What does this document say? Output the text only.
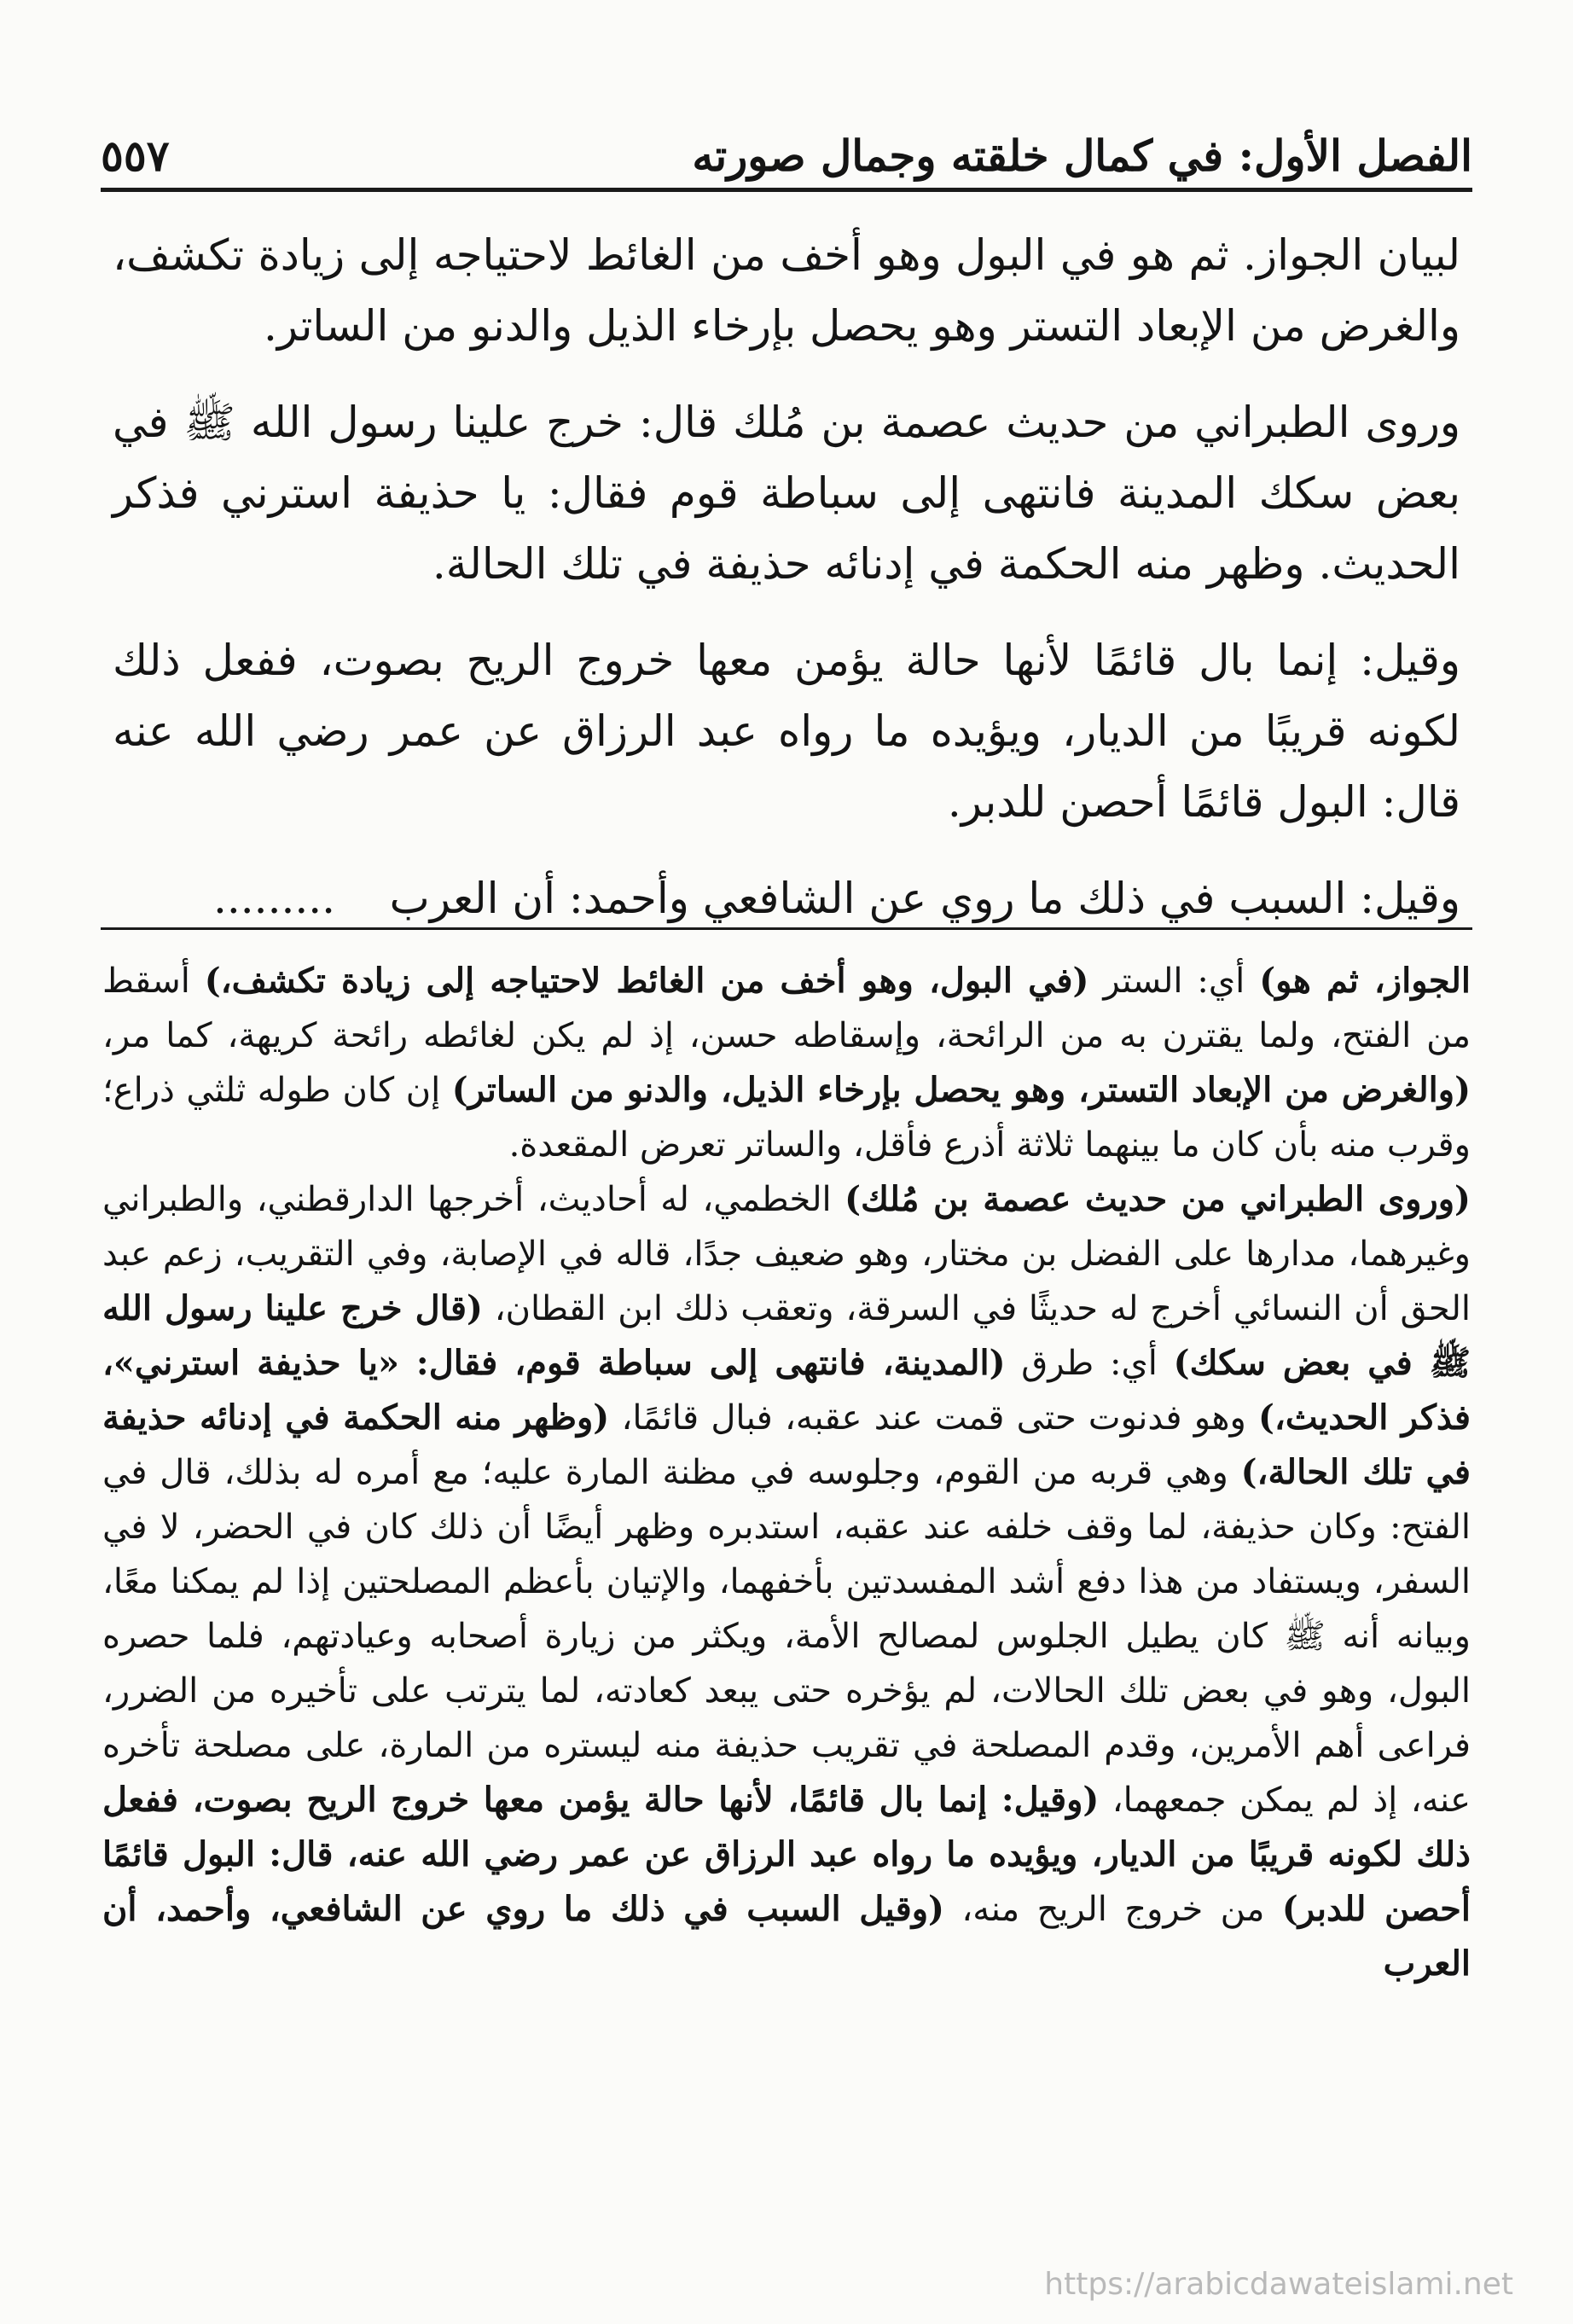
الفصل الأول: في كمال خلقته وجمال صورته
٥٥٧

لبيان الجواز. ثم هو في البول وهو أخف من الغائط لاحتياجه إلى زيادة تكشف، والغرض من الإبعاد التستر وهو يحصل بإرخاء الذيل والدنو من الساتر.

وروى الطبراني من حديث عصمة بن مُلك قال: خرج علينا رسول الله ﷺ في بعض سكك المدينة فانتهى إلى سباطة قوم فقال: يا حذيفة استرني فذكر الحديث. وظهر منه الحكمة في إدنائه حذيفة في تلك الحالة.

وقيل: إنما بال قائمًا لأنها حالة يؤمن معها خروج الريح بصوت، ففعل ذلك لكونه قريبًا من الديار، ويؤيده ما رواه عبد الرزاق عن عمر رضي الله عنه قال: البول قائمًا أحصن للدبر.

وقيل: السبب في ذلك ما روي عن الشافعي وأحمد: أن العرب    .........

الجواز، ثم هو) أي: الستر (في البول، وهو أخف من الغائط لاحتياجه إلى زيادة تكشف،) أسقط من الفتح، ولما يقترن به من الرائحة، وإسقاطه حسن، إذ لم يكن لغائطه رائحة كريهة، كما مر، (والغرض من الإبعاد التستر، وهو يحصل بإرخاء الذيل، والدنو من الساتر) إن كان طوله ثلثي ذراع؛ وقرب منه بأن كان ما بينهما ثلاثة أذرع فأقل، والساتر تعرض المقعدة.

(وروى الطبراني من حديث عصمة بن مُلك) الخطمي، له أحاديث، أخرجها الدارقطني، والطبراني وغيرهما، مدارها على الفضل بن مختار، وهو ضعيف جدًا، قاله في الإصابة، وفي التقريب، زعم عبد الحق أن النسائي أخرج له حديثًا في السرقة، وتعقب ذلك ابن القطان، (قال خرج علينا رسول الله ﷺ في بعض سكك) أي: طرق (المدينة، فانتهى إلى سباطة قوم، فقال: «يا حذيفة استرني»، فذكر الحديث،) وهو فدنوت حتى قمت عند عقبه، فبال قائمًا، (وظهر منه الحكمة في إدنائه حذيفة في تلك الحالة،) وهي قربه من القوم، وجلوسه في مظنة المارة عليه؛ مع أمره له بذلك، قال في الفتح: وكان حذيفة، لما وقف خلفه عند عقبه، استدبره وظهر أيضًا أن ذلك كان في الحضر، لا في السفر، ويستفاد من هذا دفع أشد المفسدتين بأخفهما، والإتيان بأعظم المصلحتين إذا لم يمكنا معًا، وبيانه أنه ﷺ كان يطيل الجلوس لمصالح الأمة، ويكثر من زيارة أصحابه وعيادتهم، فلما حصره البول، وهو في بعض تلك الحالات، لم يؤخره حتى يبعد كعادته، لما يترتب على تأخيره من الضرر، فراعى أهم الأمرين، وقدم المصلحة في تقريب حذيفة منه ليستره من المارة، على مصلحة تأخره عنه، إذ لم يمكن جمعهما، (وقيل: إنما بال قائمًا، لأنها حالة يؤمن معها خروج الريح بصوت، ففعل ذلك لكونه قريبًا من الديار، ويؤيده ما رواه عبد الرزاق عن عمر رضي الله عنه، قال: البول قائمًا أحصن للدبر) من خروج الريح منه، (وقيل السبب في ذلك ما روي عن الشافعي، وأحمد، أن العرب

https://arabicdawateislami.net
